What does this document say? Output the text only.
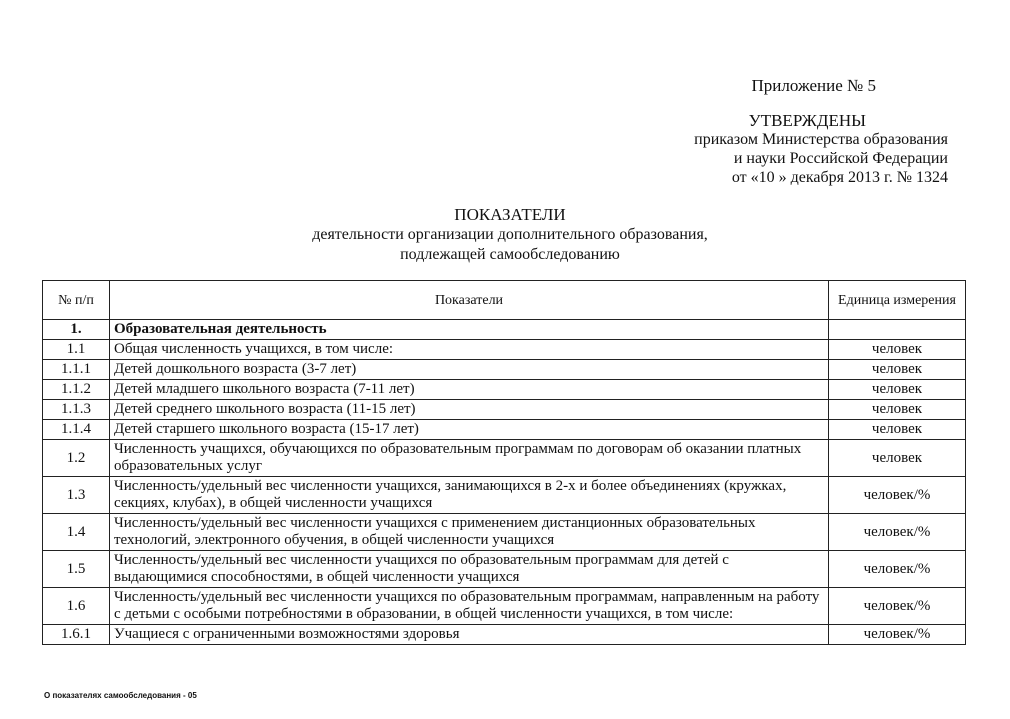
Приложение № 5
УТВЕРЖДЕНЫ
приказом Министерства образования
и науки Российской Федерации
от «10 » декабря 2013 г. № 1324
ПОКАЗАТЕЛИ
деятельности организации дополнительного образования,
подлежащей самообследованию
№ п/п	Показатели	Единица измерения
1.	Образовательная деятельность	
1.1	Общая численность учащихся, в том числе:	человек
1.1.1	Детей дошкольного возраста (3-7 лет)	человек
1.1.2	Детей младшего школьного возраста (7-11 лет)	человек
1.1.3	Детей среднего школьного возраста (11-15 лет)	человек
1.1.4	Детей старшего школьного возраста (15-17 лет)	человек
1.2	Численность учащихся, обучающихся по образовательным программам по договорам об оказании платных образовательных услуг	человек
1.3	Численность/удельный вес численности учащихся, занимающихся в 2-х и более объединениях (кружках, секциях, клубах), в общей численности учащихся	человек/%
1.4	Численность/удельный вес численности учащихся с применением дистанционных образовательных технологий, электронного обучения, в общей численности учащихся	человек/%
1.5	Численность/удельный вес численности учащихся по образовательным программам для детей с выдающимися способностями, в общей численности учащихся	человек/%
1.6	Численность/удельный вес численности учащихся по образовательным программам, направленным на работу с детьми с особыми потребностями в образовании, в общей численности учащихся, в том числе:	человек/%
1.6.1	Учащиеся с ограниченными возможностями здоровья	человек/%
О показателях самообследования - 05
